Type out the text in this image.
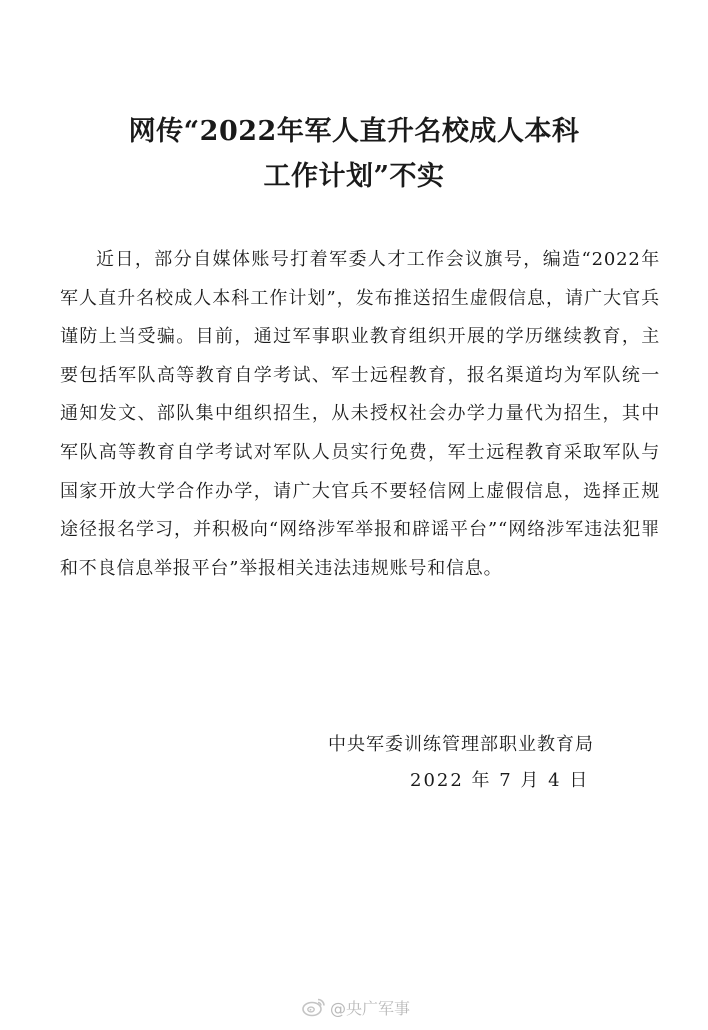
网传“2022年军人直升名校成人本科
工作计划”不实

近日，部分自媒体账号打着军委人才工作会议旗号，编造“2022年军人直升名校成人本科工作计划”，发布推送招生虚假信息，请广大官兵谨防上当受骗。目前，通过军事职业教育组织开展的学历继续教育，主要包括军队高等教育自学考试、军士远程教育，报名渠道均为军队统一通知发文、部队集中组织招生，从未授权社会办学力量代为招生，其中军队高等教育自学考试对军队人员实行免费，军士远程教育采取军队与国家开放大学合作办学，请广大官兵不要轻信网上虚假信息，选择正规途径报名学习，并积极向“网络涉军举报和辟谣平台”“网络涉军违法犯罪和不良信息举报平台”举报相关违法违规账号和信息。

中央军委训练管理部职业教育局
2022 年 7 月 4 日
@央广军事
